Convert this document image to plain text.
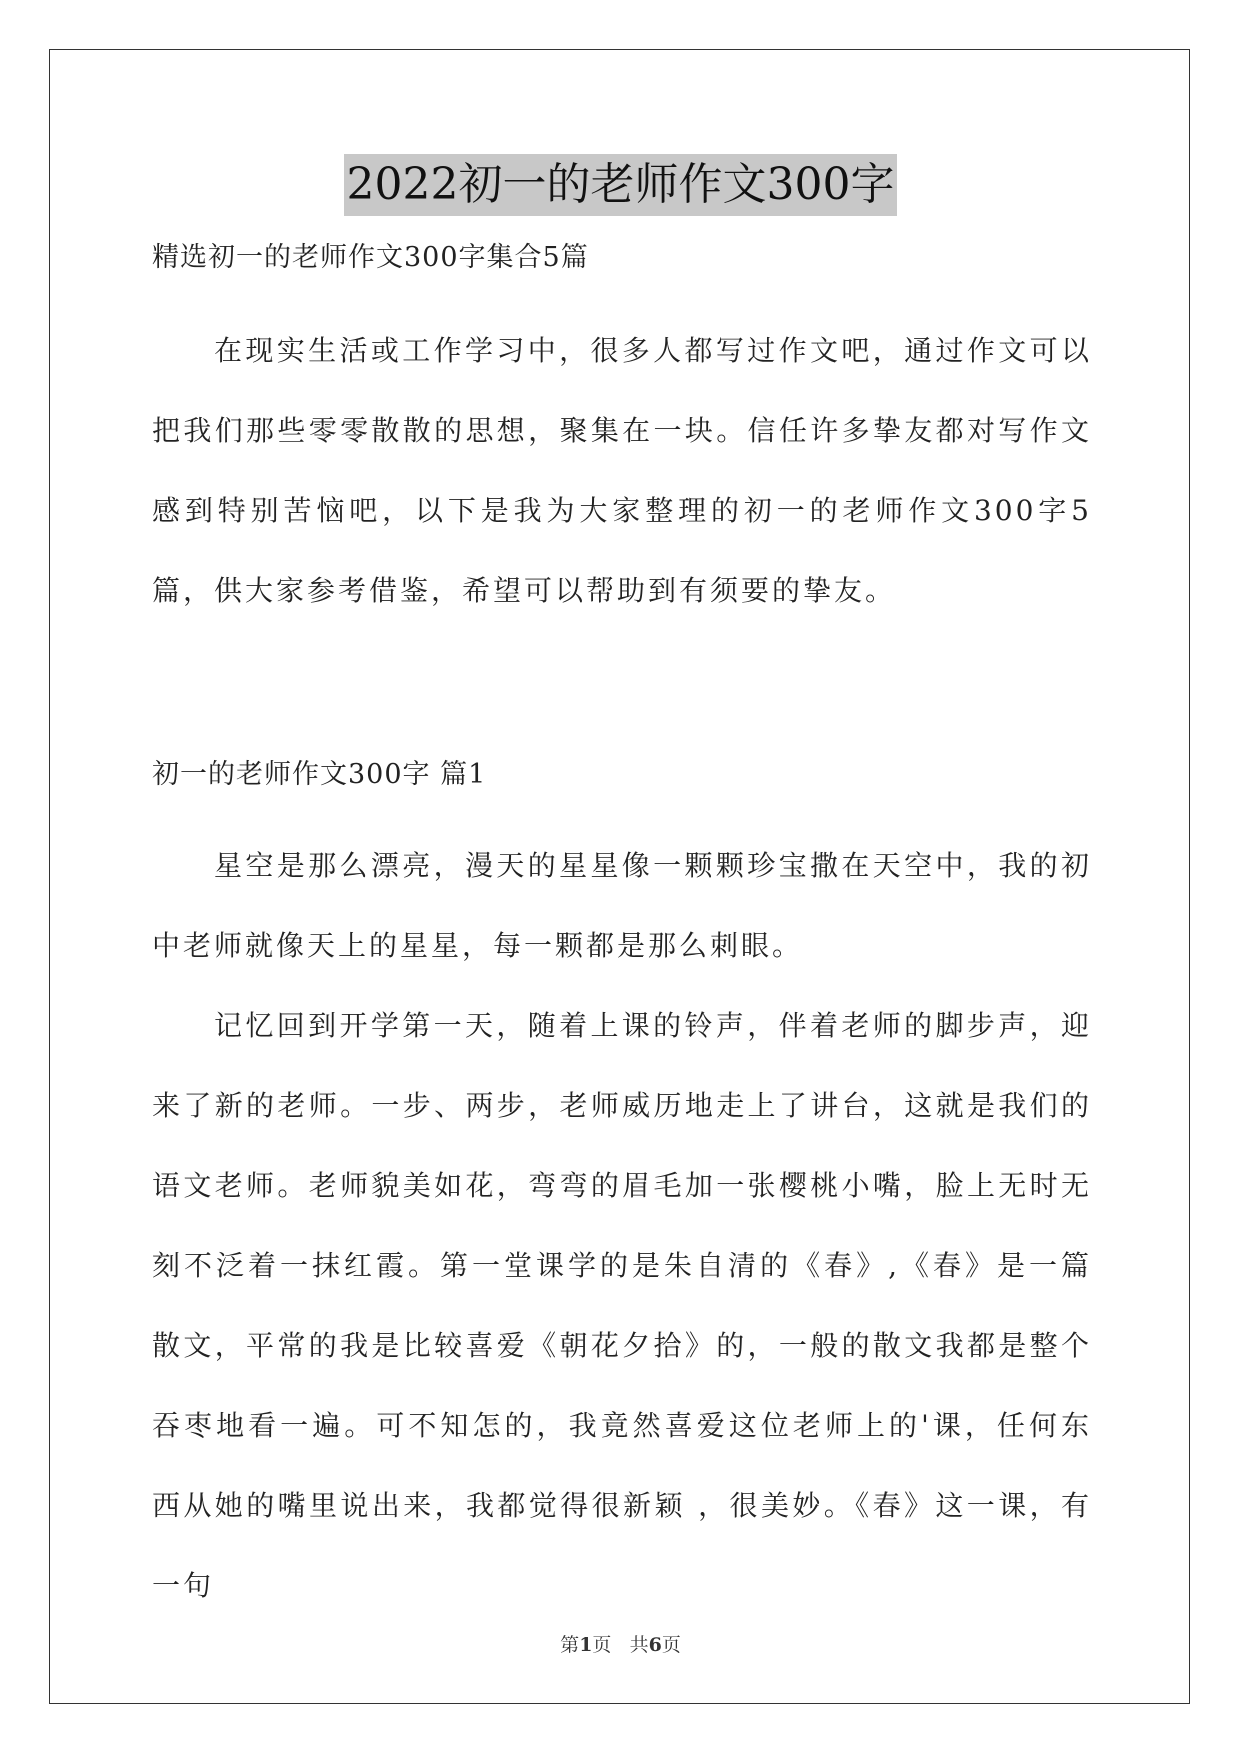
2022初一的老师作文300字
精选初一的老师作文300字集合5篇

在现实生活或工作学习中，很多人都写过作文吧，通过作文可以把我们那些零零散散的思想，聚集在一块。信任许多挚友都对写作文感到特别苦恼吧，以下是我为大家整理的初一的老师作文300字5篇，供大家参考借鉴，希望可以帮助到有须要的挚友。

初一的老师作文300字 篇1

星空是那么漂亮，漫天的星星像一颗颗珍宝撒在天空中，我的初中老师就像天上的星星，每一颗都是那么刺眼。

记忆回到开学第一天，随着上课的铃声，伴着老师的脚步声，迎来了新的老师。一步、两步，老师威历地走上了讲台，这就是我们的语文老师。老师貌美如花，弯弯的眉毛加一张樱桃小嘴，脸上无时无刻不泛着一抹红霞。第一堂课学的是朱自清的《春》,《春》是一篇散文，平常的我是比较喜爱《朝花夕拾》的，一般的散文我都是整个吞枣地看一遍。可不知怎的，我竟然喜爱这位老师上的'课，任何东西从她的嘴里说出来，我都觉得很新颖 ，很美妙。《春》这一课，有一句

第1页 共6页
